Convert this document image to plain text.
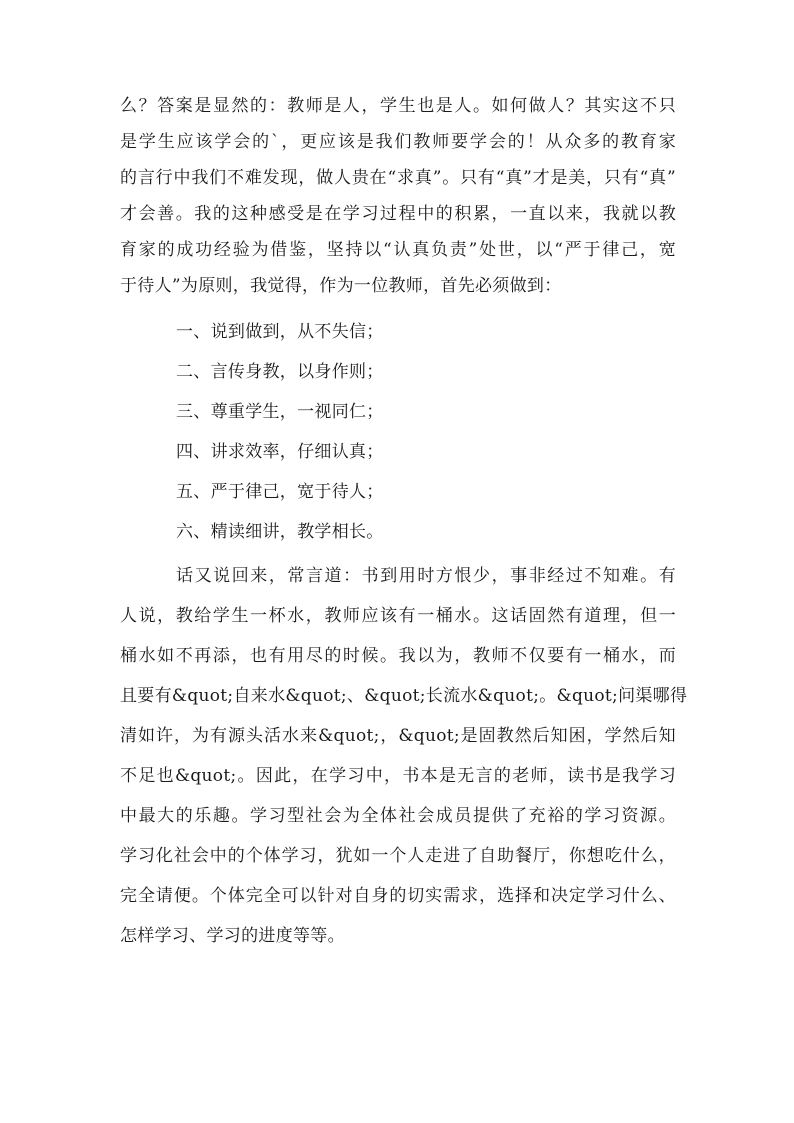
么？答案是显然的：教师是人，学生也是人。如何做人？其实这不只
是学生应该学会的`，更应该是我们教师要学会的！从众多的教育家
的言行中我们不难发现，做人贵在“求真”。只有“真”才是美，只有“真”
才会善。我的这种感受是在学习过程中的积累，一直以来，我就以教
育家的成功经验为借鉴，坚持以“认真负责”处世，以“严于律己，宽
于待人”为原则，我觉得，作为一位教师，首先必须做到：
一、说到做到，从不失信；
二、言传身教，以身作则；
三、尊重学生，一视同仁；
四、讲求效率，仔细认真；
五、严于律己，宽于待人；
六、精读细讲，教学相长。
话又说回来，常言道：书到用时方恨少，事非经过不知难。有
人说，教给学生一杯水，教师应该有一桶水。这话固然有道理，但一
桶水如不再添，也有用尽的时候。我以为，教师不仅要有一桶水，而
且要有&quot;自来水&quot;、&quot;长流水&quot;。&quot;问渠哪得
清如许，为有源头活水来&quot;，&quot;是固教然后知困，学然后知
不足也&quot;。因此，在学习中，书本是无言的老师，读书是我学习
中最大的乐趣。学习型社会为全体社会成员提供了充裕的学习资源。
学习化社会中的个体学习，犹如一个人走进了自助餐厅，你想吃什么，
完全请便。个体完全可以针对自身的切实需求，选择和决定学习什么、
怎样学习、学习的进度等等。
